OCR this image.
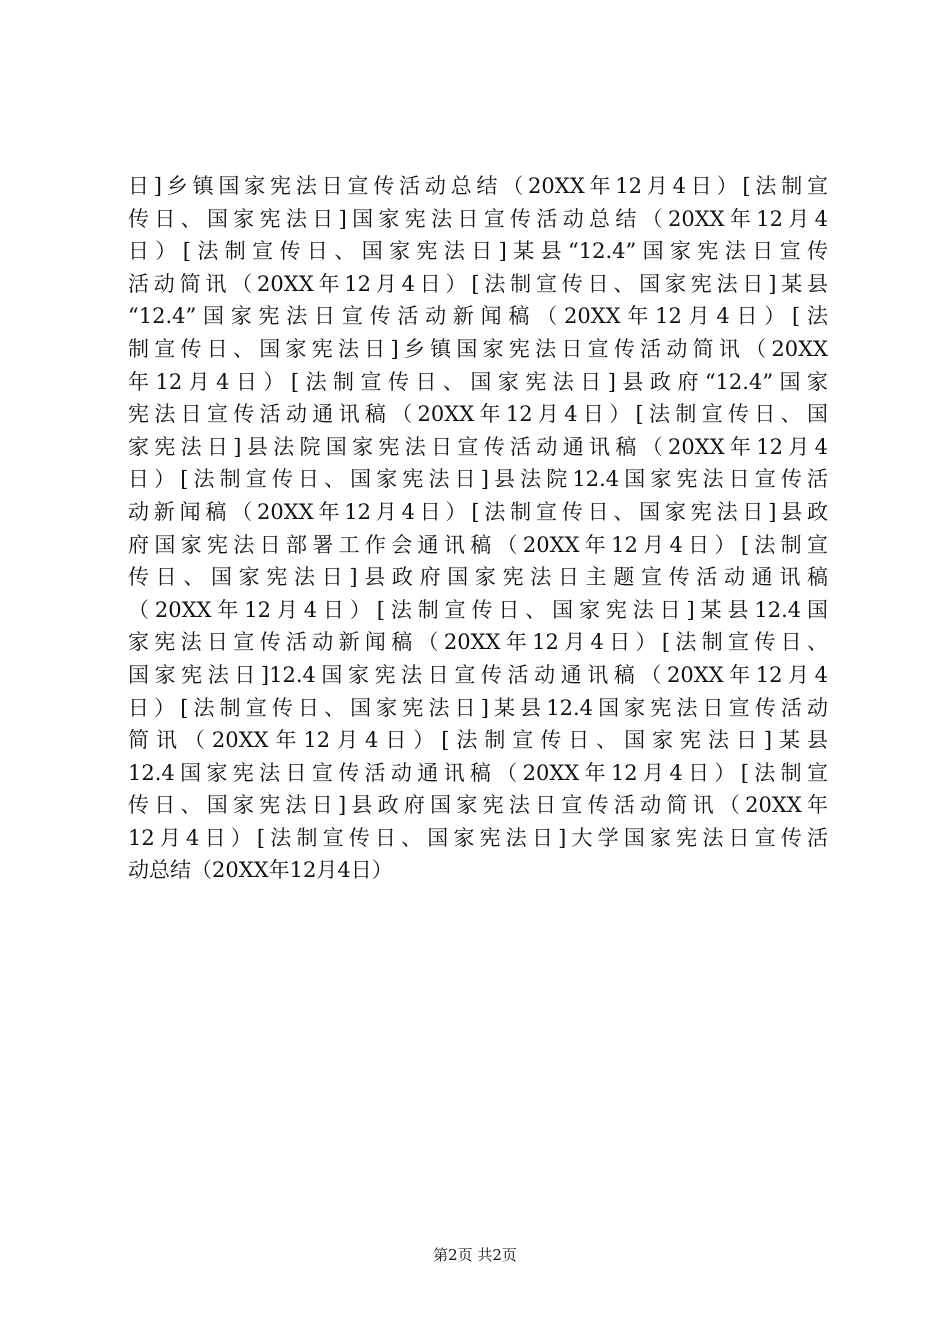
日]乡镇国家宪法日宣传活动总结（20XX年12月4日）[法制宣
传日、国家宪法日]国家宪法日宣传活动总结（20XX年12月4
日）[法制宣传日、国家宪法日]某县“12.4”国家宪法日宣传
活动简讯（20XX年12月4日）[法制宣传日、国家宪法日]某县
“12.4”国家宪法日宣传活动新闻稿（20XX年12月4日）[法
制宣传日、国家宪法日]乡镇国家宪法日宣传活动简讯（20XX
年12月4日）[法制宣传日、国家宪法日]县政府“12.4”国家
宪法日宣传活动通讯稿（20XX年12月4日）[法制宣传日、国
家宪法日]县法院国家宪法日宣传活动通讯稿（20XX年12月4
日）[法制宣传日、国家宪法日]县法院12.4国家宪法日宣传活
动新闻稿（20XX年12月4日）[法制宣传日、国家宪法日]县政
府国家宪法日部署工作会通讯稿（20XX年12月4日）[法制宣
传日、国家宪法日]县政府国家宪法日主题宣传活动通讯稿
（20XX年12月4日）[法制宣传日、国家宪法日]某县12.4国
家宪法日宣传活动新闻稿（20XX年12月4日）[法制宣传日、
国家宪法日]12.4国家宪法日宣传活动通讯稿（20XX年12月4
日）[法制宣传日、国家宪法日]某县12.4国家宪法日宣传活动
简讯（20XX年12月4日）[法制宣传日、国家宪法日]某县
12.4国家宪法日宣传活动通讯稿（20XX年12月4日）[法制宣
传日、国家宪法日]县政府国家宪法日宣传活动简讯（20XX年
12月4日）[法制宣传日、国家宪法日]大学国家宪法日宣传活
动总结（20XX年12月4日）
第2页 共2页
